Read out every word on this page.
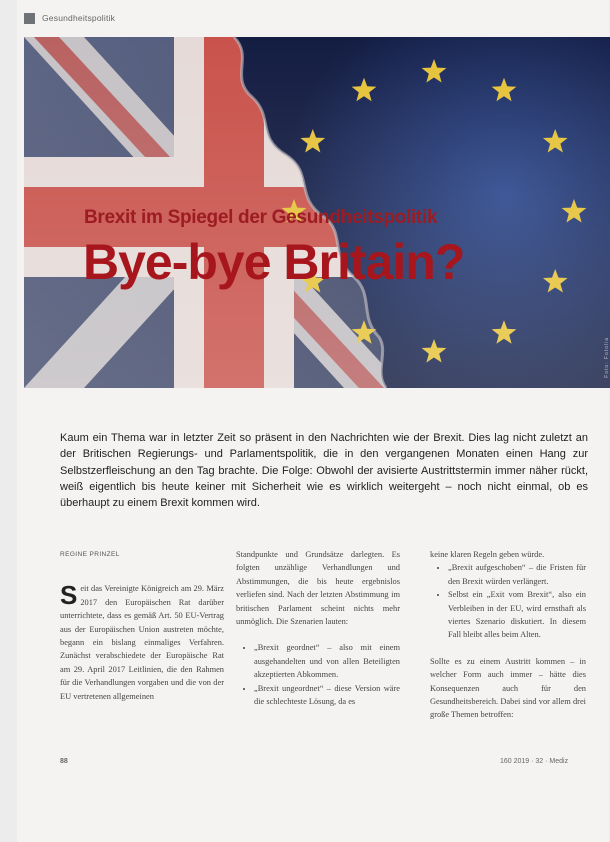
Gesundheitspolitik
Brexit im Spiegel der Gesundheitspolitik
Bye-bye Britain?
Foto: Fotolia
Kaum ein Thema war in letzter Zeit so präsent in den Nachrichten wie der Brexit. Dies lag nicht zuletzt an der Britischen Regierungs- und Parlamentspolitik, die in den vergangenen Monaten einen Hang zur Selbstzerfleischung an den Tag brachte. Die Folge: Obwohl der avisierte Austrittstermin immer näher rückt, weiß eigentlich bis heute keiner mit Sicherheit wie es wirklich weitergeht – noch nicht einmal, ob es überhaupt zu einem Brexit kommen wird.
REGINE PRINZEL

Seit das Vereinigte Königreich am 29. März 2017 den Europäischen Rat darüber unterrichtete, dass es gemäß Art. 50 EU-Vertrag aus der Europäischen Union austreten möchte, begann ein bislang einmaliges Verfahren. Zunächst verabschiedete der Europäische Rat am 29. April 2017 Leitlinien, die den Rahmen für die Verhandlungen vorgaben und die von der EU vertretenen allgemeinen

Standpunkte und Grundsätze darlegten. Es folgten unzählige Verhandlungen und Abstimmungen, die bis heute ergebnislos verliefen sind. Nach der letzten Abstimmung im britischen Parlament scheint nichts mehr unmöglich. Die Szenarien lauten:

• „Brexit geordnet“ – also mit einem ausgehandelten und von allen Beteiligten akzeptierten Abkommen.
• „Brexit ungeordnet“ – diese Version wäre die schlechteste Lösung, da es

keine klaren Regeln geben würde.

• „Brexit aufgeschoben“ – die Fristen für den Brexit würden verlängert.
• Selbst ein „Exit vom Brexit“, also ein Verbleiben in der EU, wird ernsthaft als viertes Szenario diskutiert. In diesem Fall bleibt alles beim Alten.

Sollte es zu einem Austritt kommen – in welcher Form auch immer – hätte dies Konsequenzen auch für den Gesundheitsbereich. Dabei sind vor allem drei große Themen betroffen:

88	160 2019 · 32 · Mediz
